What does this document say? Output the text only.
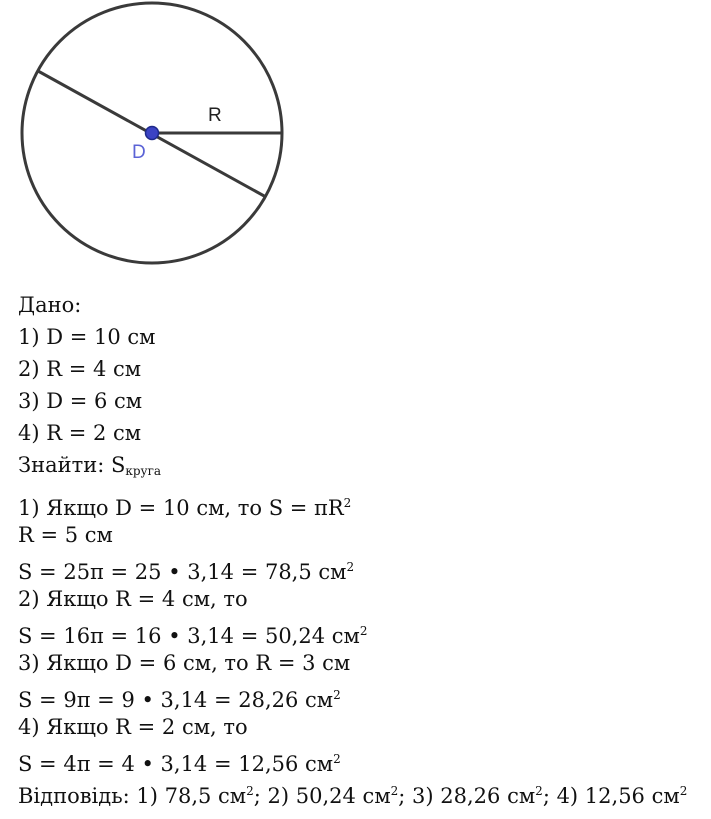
R
D
Дано:
1) D = 10 см
2) R = 4 см
3) D = 6 см
4) R = 2 см
Знайти: $S_{круга}$
1) Якщо D = 10 см, то $S = \pi R^2$
R = 5 см
S = 25π = 25 • 3,14 = 78,5 $см^2$
2) Якщо R = 4 см, то
S = 16π = 16 • 3,14 = 50,24 $см^2$
3) Якщо D = 6 см, то R = 3 см
S = 9π = 9 • 3,14 = 28,26 $см^2$
4) Якщо R = 2 см, то
S = 4π = 4 • 3,14 = 12,56 $см^2$
Відповідь: 1) 78,5 $см^2$; 2) 50,24 $см^2$; 3) 28,26 $см^2$; 4) 12,56 $см^2$
